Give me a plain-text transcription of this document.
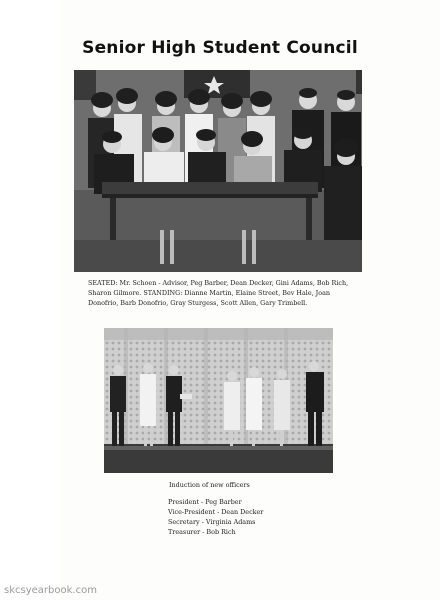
Senior High Student Council
SEATED: Mr. Schoen - Advisor, Peg Barber, Dean Decker, Gini Adams, Bob Rich, Sharon Gilmore. STANDING: Dianne Martin, Elaine Street, Bev Hale, Joan Donofrio, Barb Donofrio, Gray Sturgess, Scott Allen, Gary Trimbell.
Induction of new officers
President - Peg Barber
Vice-President - Dean Decker
Secretary - Virginia Adams
Treasurer - Bob Rich
skcsyearbook.com
